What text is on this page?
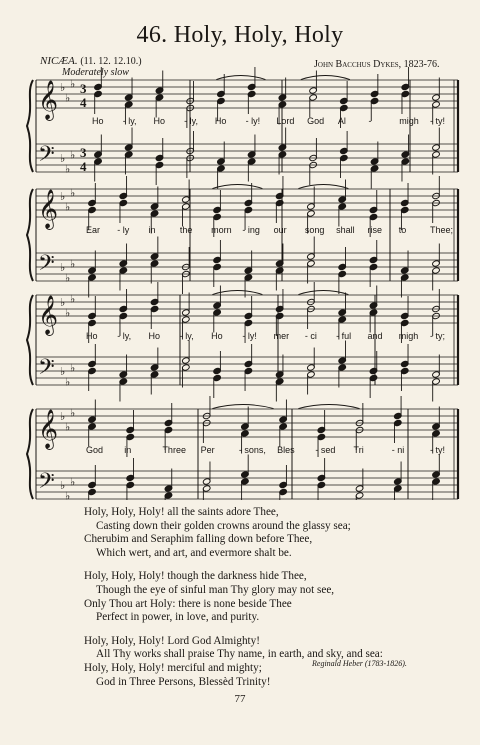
46. Holy, Holy, Holy
NICÆA. (11. 12. 12.10.)
Moderately slow
John Bacchus Dykes, 1823-76.
𝄞 ♭
♭
♭ 3
4
𝄢 ♭
♭
♭ 3
4
𝄞 ♭
♭
♭
𝄢 ♭
♭
♭
𝄞 ♭
♭
♭
𝄢 ♭
♭
♭
𝄞 ♭
♭
♭
𝄢 ♭
♭
♭
Ho - ly, Ho - ly, Ho - ly! Lord God Al	-	migh - ty!
Ear - ly in	the morn - ing our song shall rise to	Thee;
Ho - ly, Ho - ly, Ho - ly! mer - ci - ful and migh - ty;
God in	Three Per	- sons, Bles - sed Tri	- ni	- ty!
Holy, Holy, Holy! all the saints adore Thee,
Casting down their golden crowns around the glassy sea;
Cherubim and Seraphim falling down before Thee,
Which wert, and art, and evermore shalt be.
Holy, Holy, Holy! though the darkness hide Thee,
Though the eye of sinful man Thy glory may not see,
Only Thou art Holy: there is none beside Thee
Perfect in power, in love, and purity.
Holy, Holy, Holy! Lord God Almighty!
All Thy works shall praise Thy name, in earth, and sky, and sea:
Holy, Holy, Holy! merciful and mighty;
God in Three Persons, Blessèd Trinity!
Reginald Heber (1783-1826).
77
